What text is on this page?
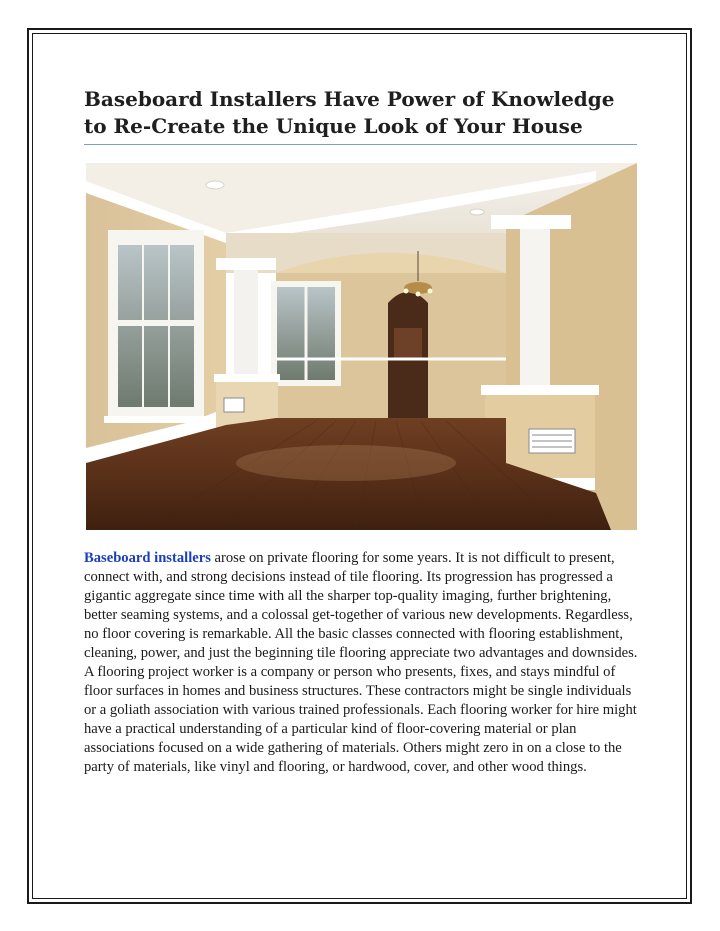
Baseboard Installers Have Power of Knowledge to Re-Create the Unique Look of Your House

Baseboard installers arose on private flooring for some years. It is not difficult to present, connect with, and strong decisions instead of tile flooring. Its progression has progressed a gigantic aggregate since time with all the sharper top-quality imaging, further brightening, better seaming systems, and a colossal get-together of various new developments. Regardless, no floor covering is remarkable. All the basic classes connected with flooring establishment, cleaning, power, and just the beginning tile flooring appreciate two advantages and downsides.

A flooring project worker is a company or person who presents, fixes, and stays mindful of floor surfaces in homes and business structures. These contractors might be single individuals or a goliath association with various trained professionals. Each flooring worker for hire might have a practical understanding of a particular kind of floor-covering material or plan associations focused on a wide gathering of materials. Others might zero in on a close to the party of materials, like vinyl and flooring, or hardwood, cover, and other wood things.
